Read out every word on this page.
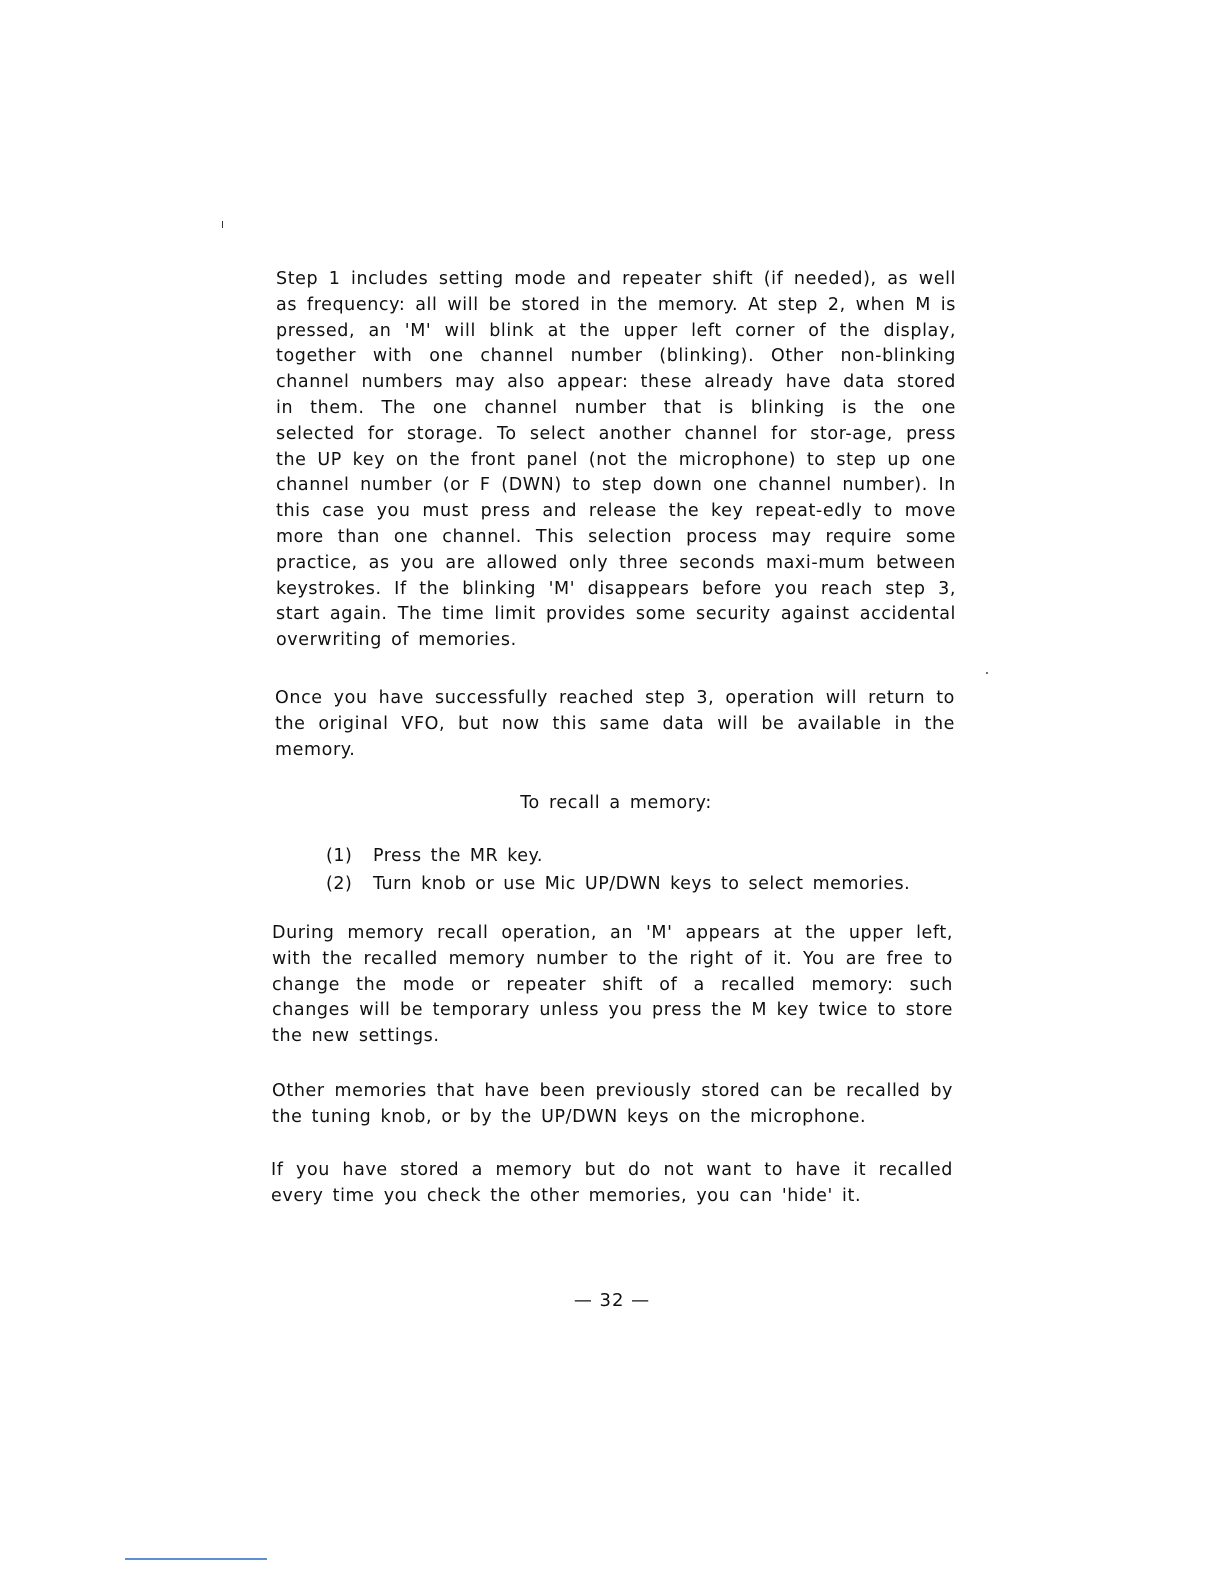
Step 1 includes setting mode and repeater shift (if needed), as well as frequency: all will be stored in the memory. At step 2, when M is pressed, an 'M' will blink at the upper left corner of the display, together with one channel number (blinking). Other non-blinking channel numbers may also appear: these already have data stored in them. The one channel number that is blinking is the one selected for storage. To select another channel for stor-age, press the UP key on the front panel (not the microphone) to step up one channel number (or F (DWN) to step down one channel number). In this case you must press and release the key repeat-edly to move more than one channel. This selection process may require some practice, as you are allowed only three seconds maxi-mum between keystrokes. If the blinking 'M' disappears before you reach step 3, start again. The time limit provides some security against accidental overwriting of memories.

Once you have successfully reached step 3, operation will return to the original VFO, but now this same data will be available in the memory.

To recall a memory:

(1)	Press the MR key.
(2)	Turn knob or use Mic UP/DWN keys to select memories.

During memory recall operation, an 'M' appears at the upper left, with the recalled memory number to the right of it. You are free to change the mode or repeater shift of a recalled memory: such changes will be temporary unless you press the M key twice to store the new settings.

Other memories that have been previously stored can be recalled by the tuning knob, or by the UP/DWN keys on the microphone.

If you have stored a memory but do not want to have it recalled every time you check the other memories, you can 'hide' it.

— 32 —
